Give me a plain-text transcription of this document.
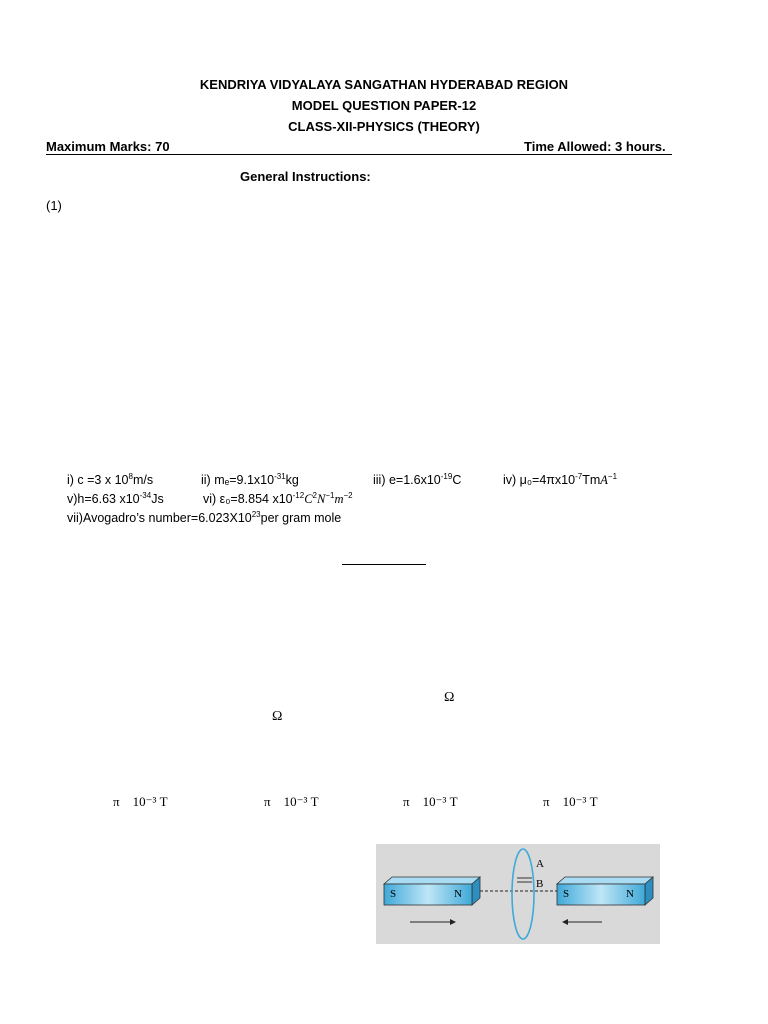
KENDRIYA VIDYALAYA SANGATHAN HYDERABAD REGION
MODEL QUESTION PAPER-12
CLASS-XII-PHYSICS (THEORY)
Maximum Marks: 70	Time Allowed: 3 hours.
General Instructions:
(1)
i) c =3 x $10^8m/s$	ii) $m_e=9.1x10^{-31}kg$	iii) $e=1.6x10^{-19}C$	iv) $\mu_0=4\pi x10^{-7}TmA^{-1}$
v)h=6.63 $x10^{-34}Js$	vi) ε₀=8.854 $x10^{-12}C^2N^{-1}m^{-2}$
vii)Avogadro’s $number=6.023X10^{23}per$ gram mole
Ω
Ω
π 10⁻³ T	π 10⁻³ T	π 10⁻³ T	π 10⁻³ T
S	N	S	N
A
B
